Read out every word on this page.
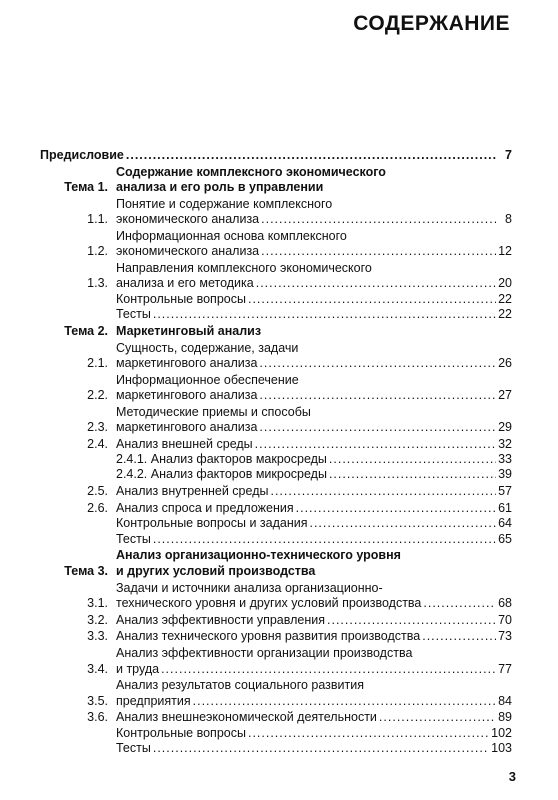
СОДЕРЖАНИЕ
Предисловие .....	7
Тема 1.
Содержание комплексного экономического
анализа и его роль в управлении
1.1.
Понятие и содержание комплексного
экономического анализа .....	8
1.2.
Информационная основа комплексного
экономического анализа .....	12
1.3.
Направления комплексного экономического
анализа и его методика .....	20
Контрольные вопросы .....	22
Тесты .....	22
Тема 2. Маркетинговый анализ
2.1.
Сущность, содержание, задачи
маркетингового анализа .....	26
2.2.
Информационное обеспечение
маркетингового анализа .....	27
2.3.
Методические приемы и способы
маркетингового анализа .....	29
2.4. Анализ внешней среды .....	32
2.4.1. Анализ факторов макросреды .....	33
2.4.2. Анализ факторов микросреды .....	39
2.5. Анализ внутренней среды .....	57
2.6. Анализ спроса и предложения .....	61
Контрольные вопросы и задания .....	64
Тесты .....	65
Тема 3.
Анализ организационно-технического уровня
и других условий производства
3.1.
Задачи и источники анализа организационно-
технического уровня и других условий производства .....	68
3.2. Анализ эффективности управления .....	70
3.3. Анализ технического уровня развития производства .....	73
3.4.
Анализ эффективности организации производства
и труда .....	77
3.5.
Анализ результатов социального развития
предприятия .....	84
3.6. Анализ внешнеэкономической деятельности .....	89
Контрольные вопросы .....	102
Тесты .....	103
3
